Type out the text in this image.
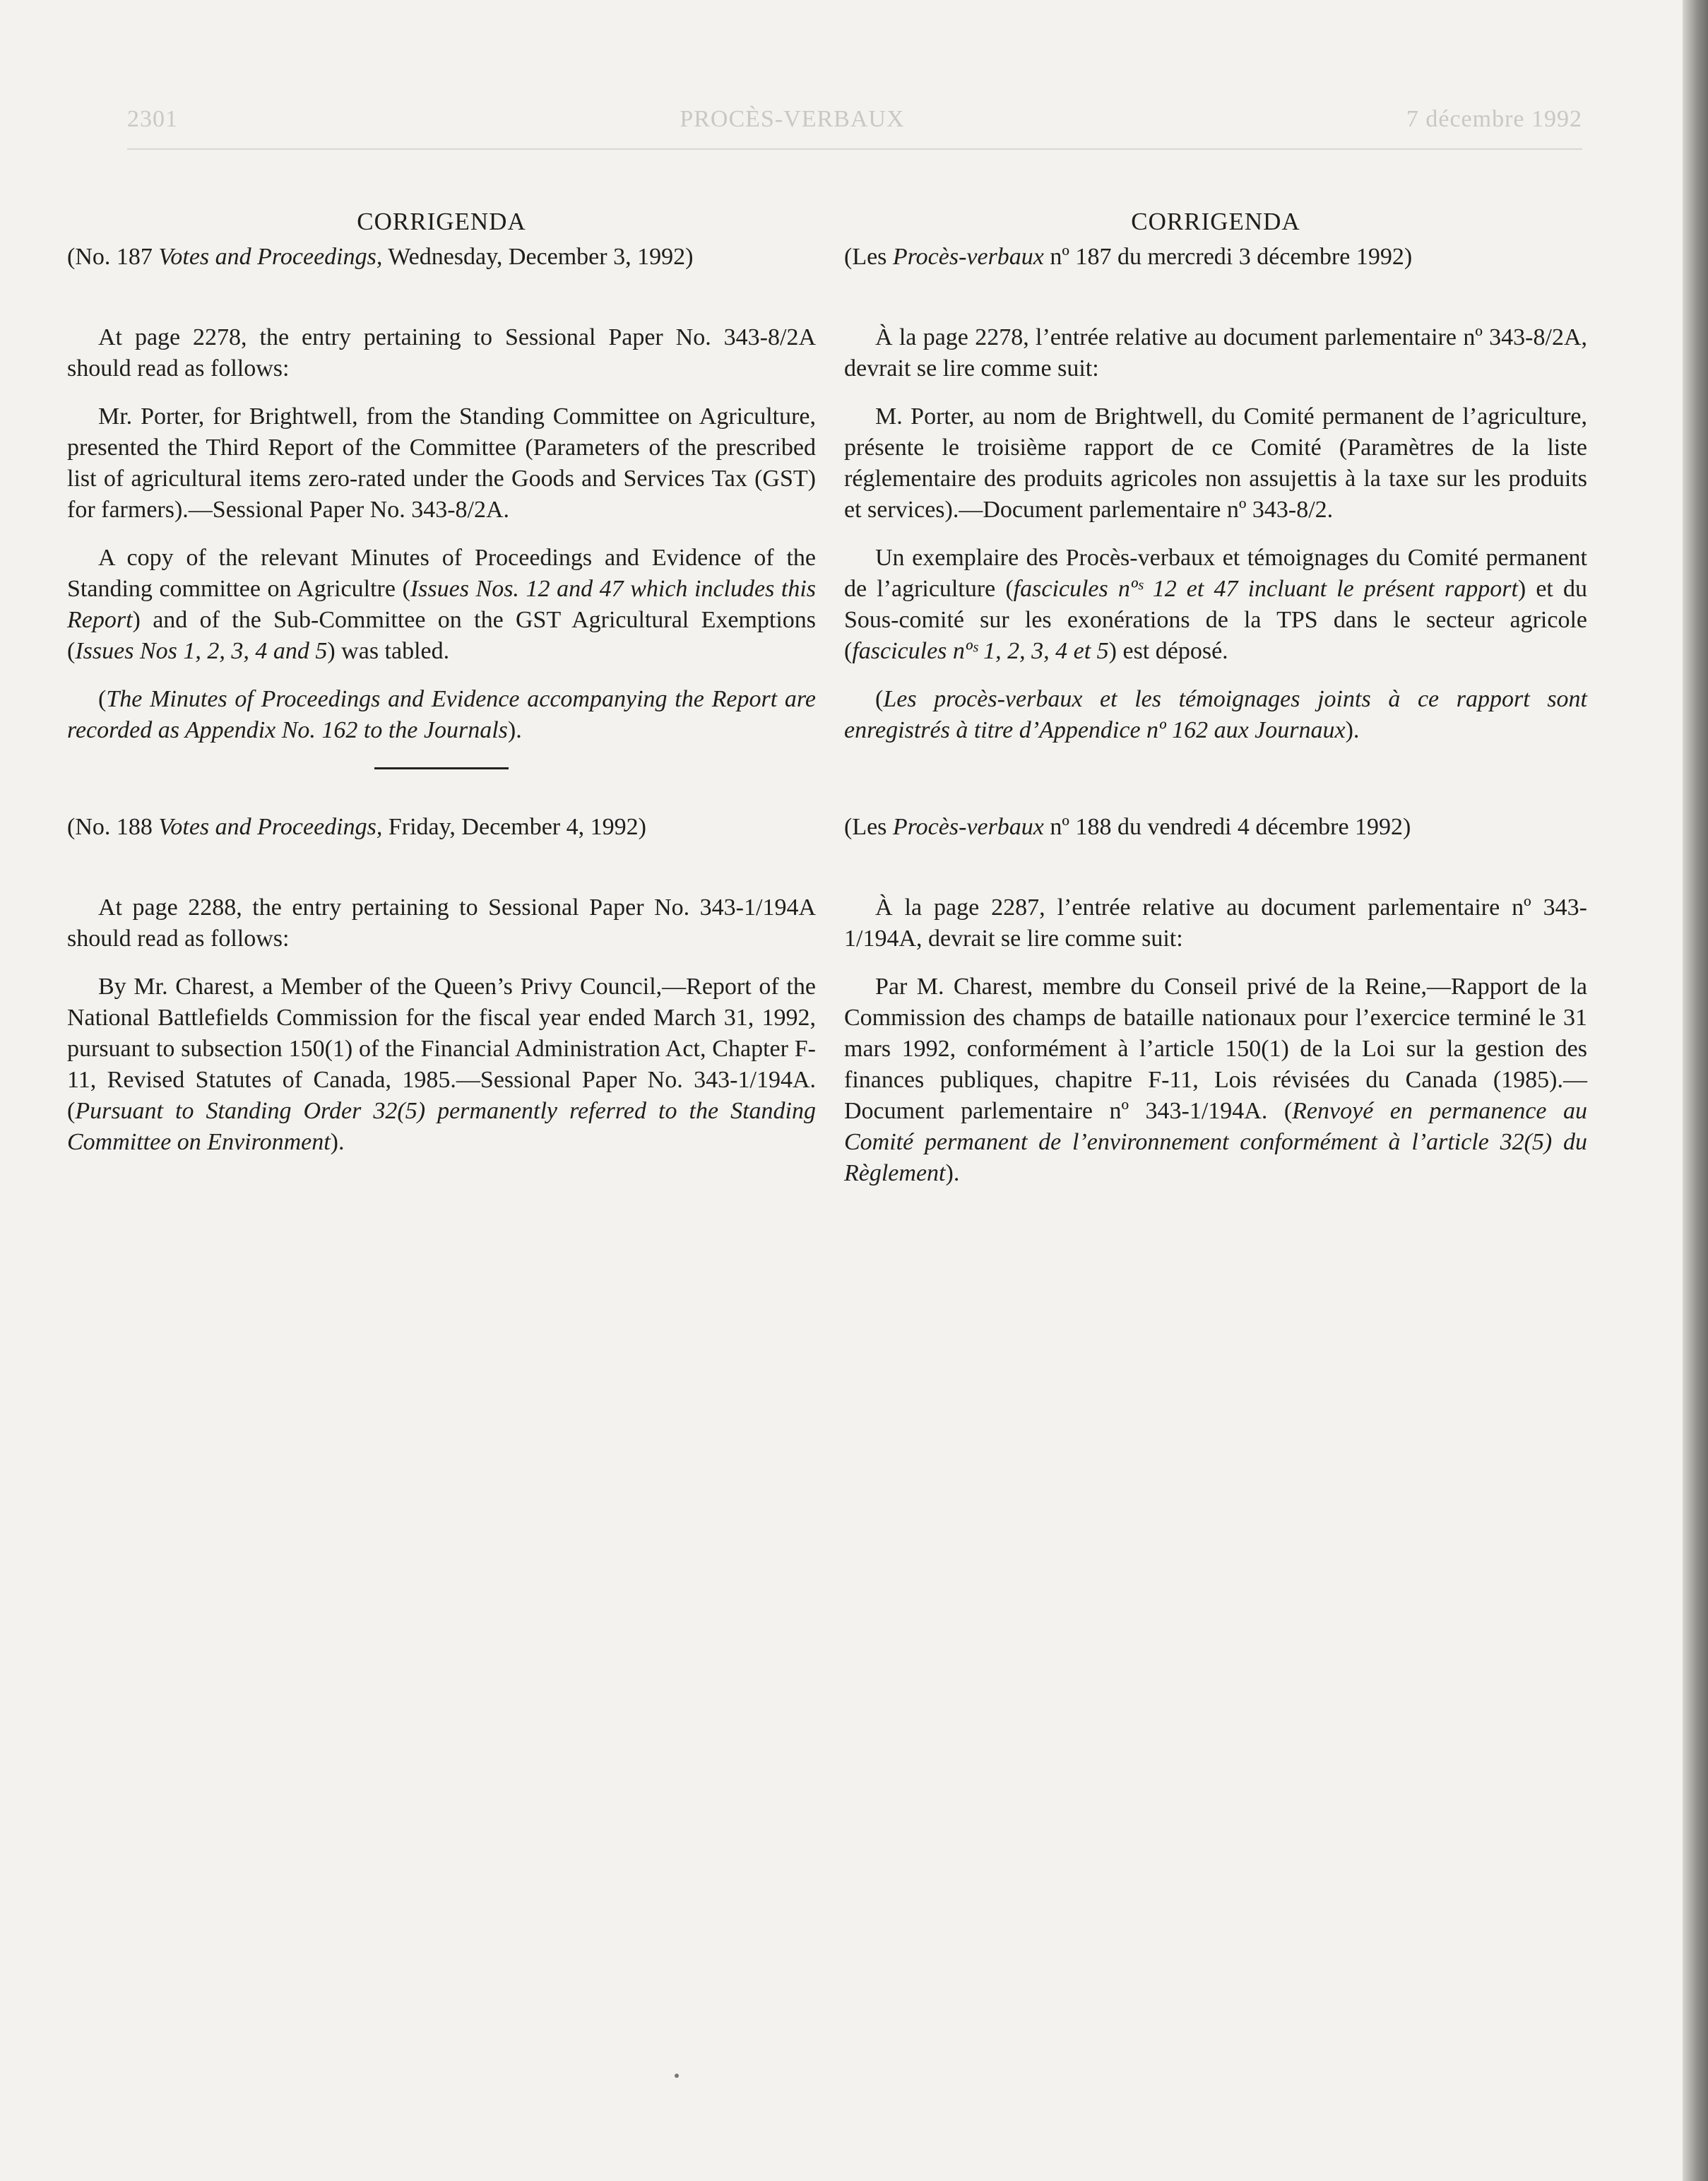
2301	PROCÈS-VERBAUX	7 décembre 1992

CORRIGENDA

(No. 187 Votes and Proceedings, Wednesday, December 3, 1992)

At page 2278, the entry pertaining to Sessional Paper No. 343-8/2A should read as follows:

Mr. Porter, for Brightwell, from the Standing Committee on Agriculture, presented the Third Report of the Committee (Parameters of the prescribed list of agricultural items zero-rated under the Goods and Services Tax (GST) for farmers).—Sessional Paper No. 343-8/2A.

A copy of the relevant Minutes of Proceedings and Evidence of the Standing committee on Agricultre (Issues Nos. 12 and 47 which includes this Report) and of the Sub-Committee on the GST Agricultural Exemptions (Issues Nos 1, 2, 3, 4 and 5) was tabled.

(The Minutes of Proceedings and Evidence accompanying the Report are recorded as Appendix No. 162 to the Journals).

(No. 188 Votes and Proceedings, Friday, December 4, 1992)

At page 2288, the entry pertaining to Sessional Paper No. 343-1/194A should read as follows:

By Mr. Charest, a Member of the Queen’s Privy Council,—Report of the National Battlefields Commission for the fiscal year ended March 31, 1992, pursuant to subsection 150(1) of the Financial Administration Act, Chapter F-11, Revised Statutes of Canada, 1985.—Sessional Paper No. 343-1/194A. (Pursuant to Standing Order 32(5) permanently referred to the Standing Committee on Environment).

CORRIGENDA

(Les Procès-verbaux nº 187 du mercredi 3 décembre 1992)

À la page 2278, l’entrée relative au document parlementaire nº 343-8/2A, devrait se lire comme suit:

M. Porter, au nom de Brightwell, du Comité permanent de l’agriculture, présente le troisième rapport de ce Comité (Paramètres de la liste réglementaire des produits agricoles non assujettis à la taxe sur les produits et services).—Document parlementaire nº 343-8/2.

Un exemplaire des Procès-verbaux et témoignages du Comité permanent de l’agriculture (fascicules nºˢ 12 et 47 incluant le présent rapport) et du Sous-comité sur les exonérations de la TPS dans le secteur agricole (fascicules nºˢ 1, 2, 3, 4 et 5) est déposé.

(Les procès-verbaux et les témoignages joints à ce rapport sont enregistrés à titre d’Appendice nº 162 aux Journaux).

(Les Procès-verbaux nº 188 du vendredi 4 décembre 1992)

À la page 2287, l’entrée relative au document parlementaire nº 343-1/194A, devrait se lire comme suit:

Par M. Charest, membre du Conseil privé de la Reine,—Rapport de la Commission des champs de bataille nationaux pour l’exercice terminé le 31 mars 1992, conformément à l’article 150(1) de la Loi sur la gestion des finances publiques, chapitre F-11, Lois révisées du Canada (1985).—Document parlementaire nº 343-1/194A. (Renvoyé en permanence au Comité permanent de l’environnement conformément à l’article 32(5) du Règlement).
